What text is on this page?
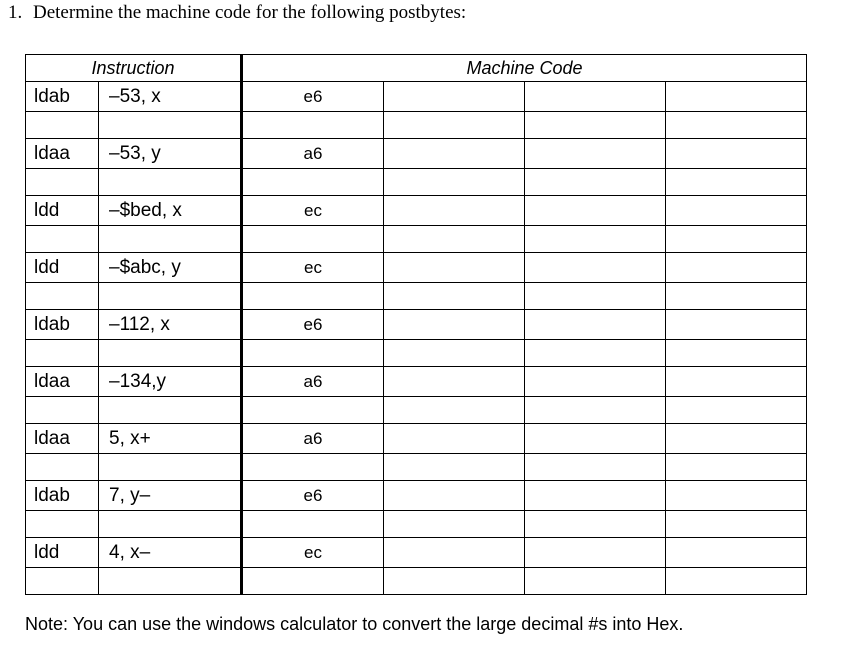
1. Determine the machine code for the following postbytes:
Instruction		Machine Code			
ldab	–53, x	e6			

ldaa	–53, y	a6			

ldd	–$bed, x	ec			

ldd	–$abc, y	ec			

ldab	–112, x	e6			

ldaa	–134,y	a6			

ldaa	5, x+	a6			

ldab	7, y–	e6			

ldd	4, x–	ec			

Note: You can use the windows calculator to convert the large decimal #s into Hex.
